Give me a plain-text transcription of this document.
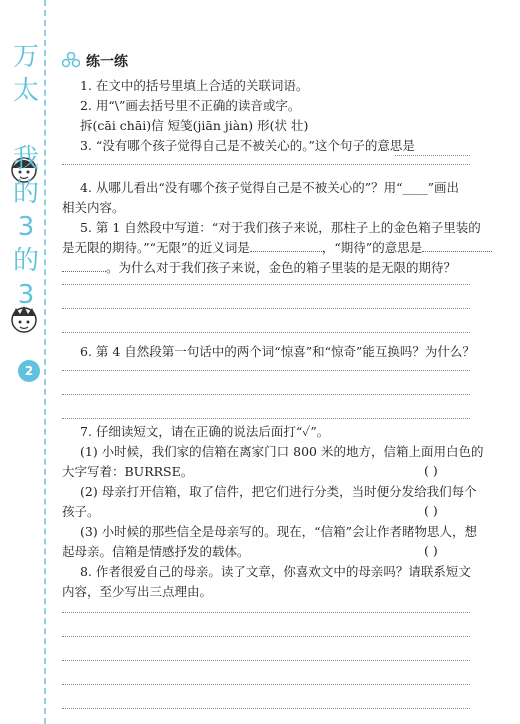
万
太
我
的
3
的
3
2
练一练
1. 在文中的括号里填上合适的关联词语。
2. 用“\”画去括号里不正确的读音或字。
拆(cāi chāi)信 短笺(jiān jiàn) 形(状 壮)
3. “没有哪个孩子觉得自己是不被关心的。”这个句子的意思是
4. 从哪儿看出“没有哪个孩子觉得自己是不被关心的”？用“____”画出
相关内容。
5. 第 1 自然段中写道：“对于我们孩子来说，那柱子上的金色箱子里装的
是无限的期待。”“无限”的近义词是	，“期待”的意思是
。为什么对于我们孩子来说，金色的箱子里装的是无限的期待？
6. 第 4 自然段第一句话中的两个词“惊喜”和“惊奇”能互换吗？为什么？
7. 仔细读短文，请在正确的说法后面打“✓”。
(1) 小时候，我们家的信箱在离家门口 800 米的地方，信箱上面用白色的
大字写着：BURRSE。	( )
(2) 母亲打开信箱，取了信件，把它们进行分类，当时便分发给我们每个
孩子。	( )
(3) 小时候的那些信全是母亲写的。现在，“信箱”会让作者睹物思人，想
起母亲。信箱是情感抒发的载体。	( )
8. 作者很爱自己的母亲。读了文章，你喜欢文中的母亲吗？请联系短文
内容，至少写出三点理由。
